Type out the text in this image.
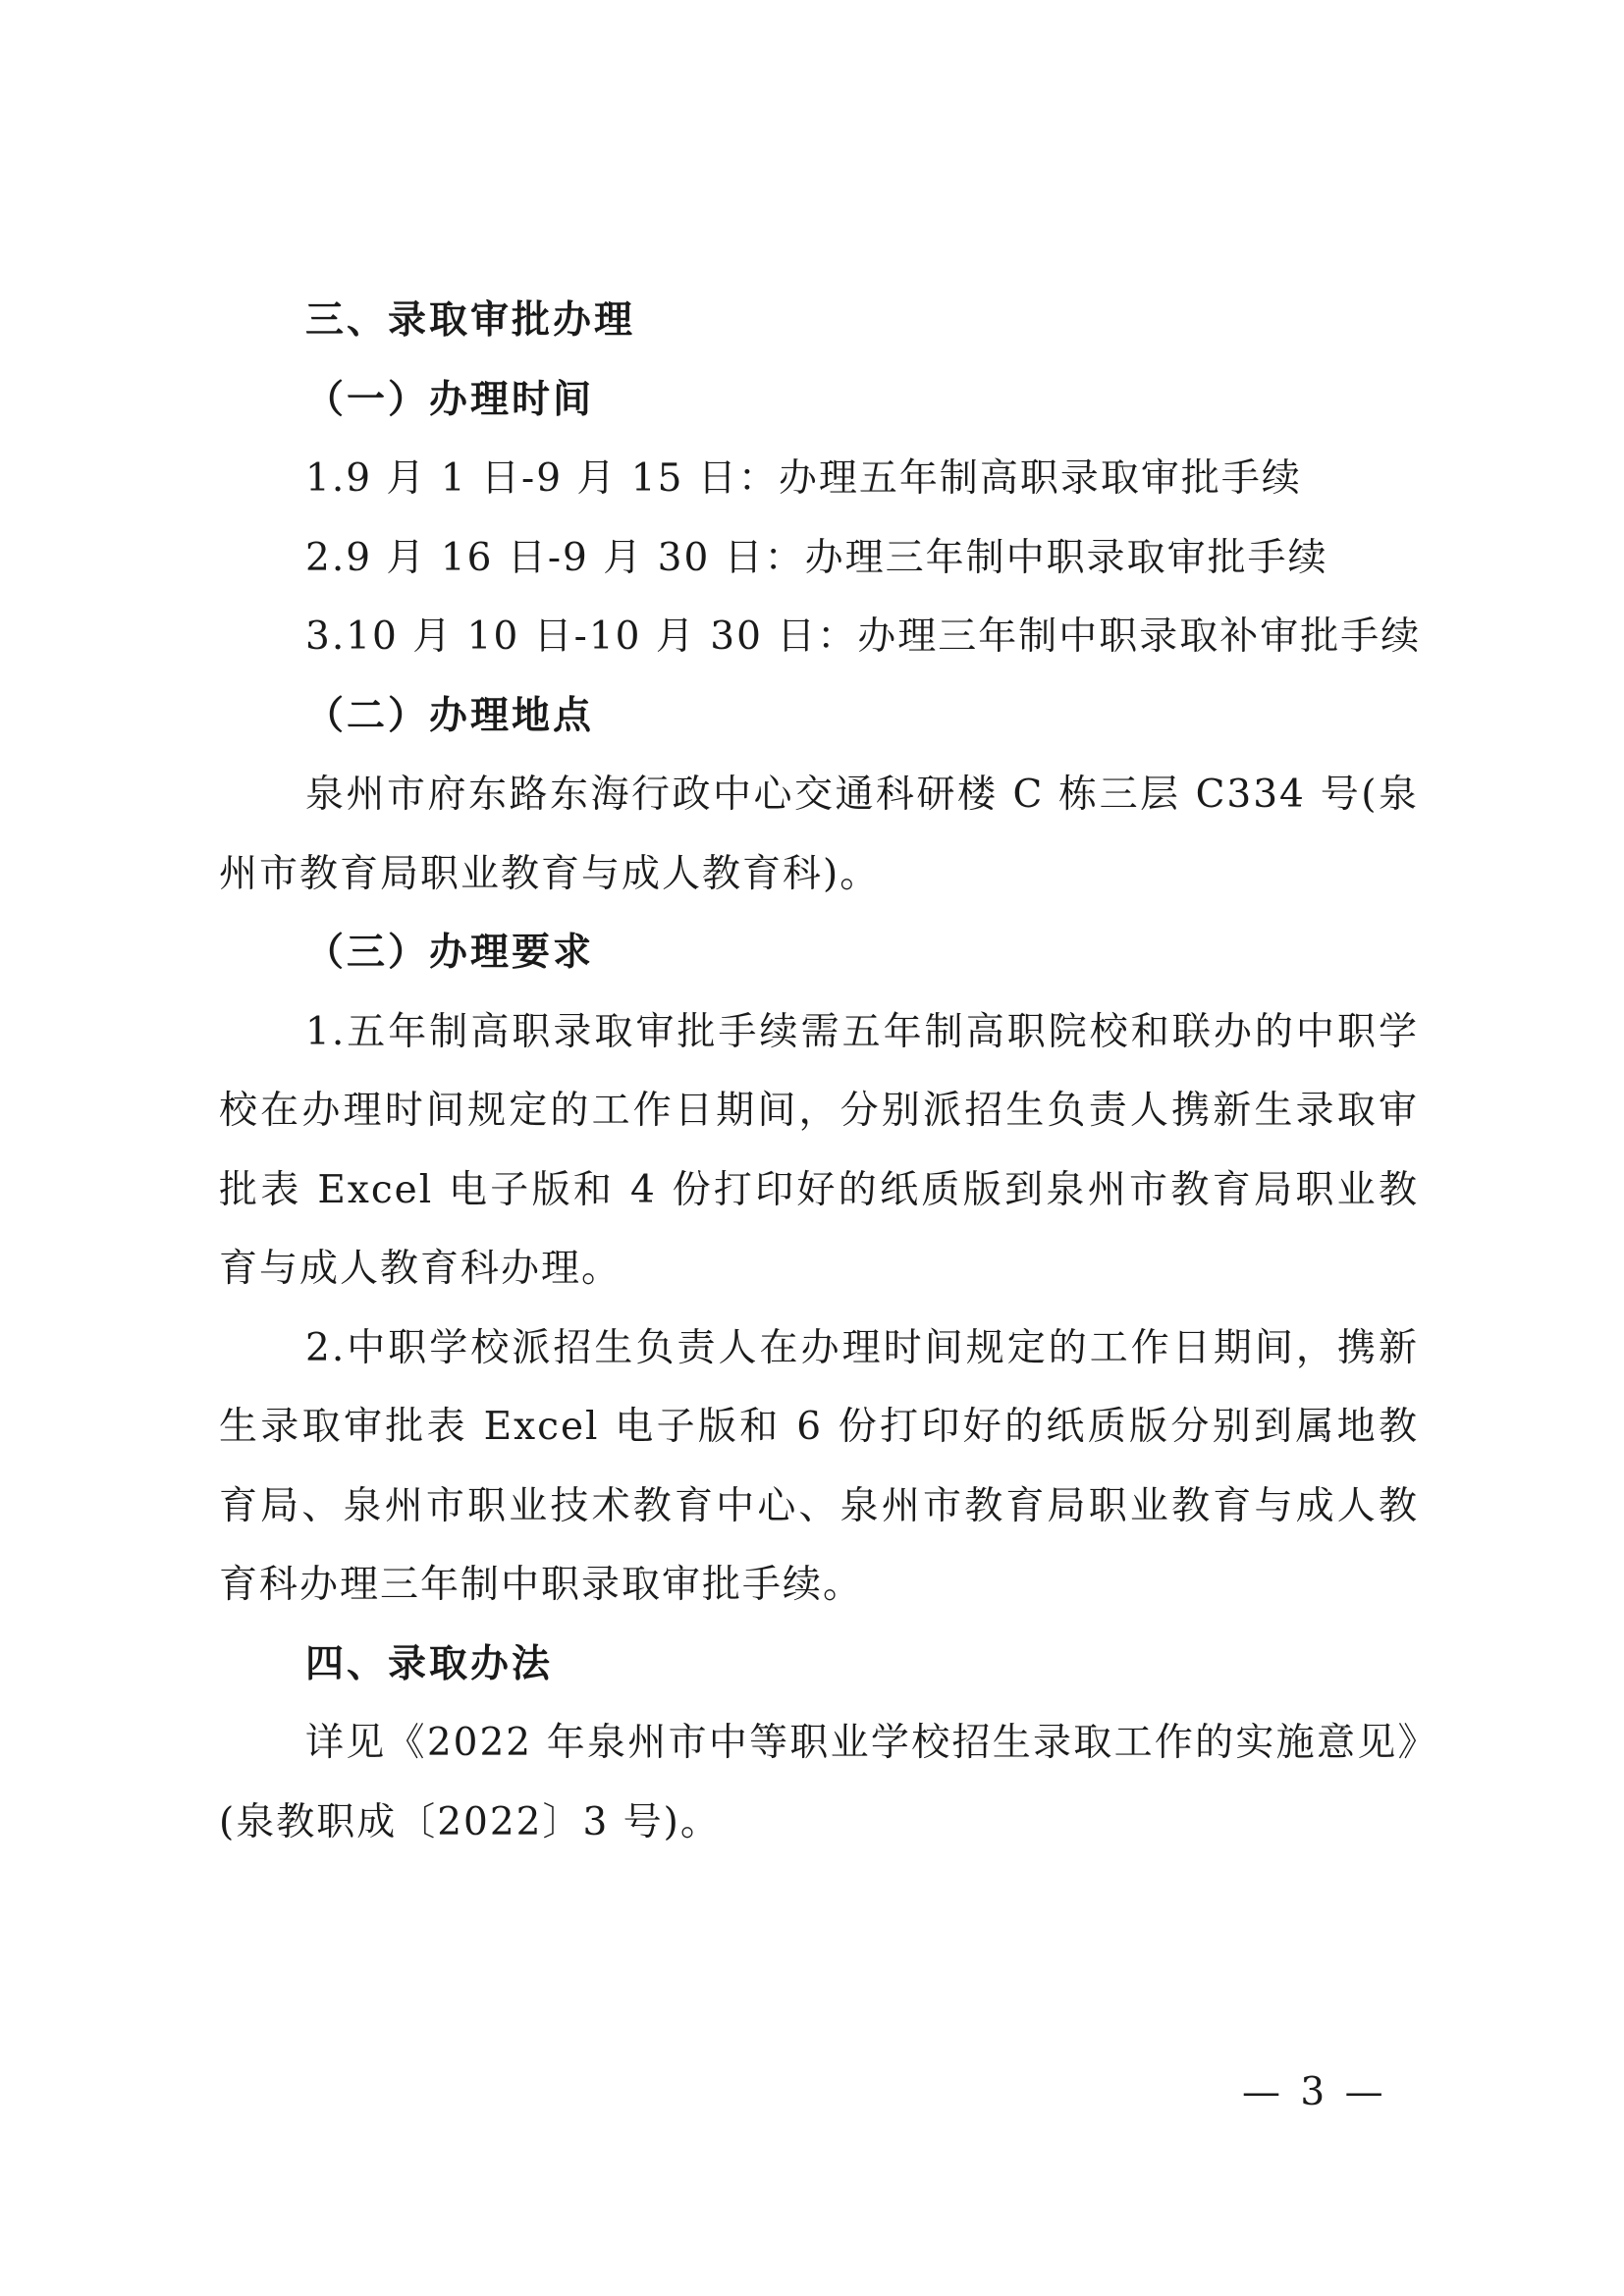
三、录取审批办理
（一）办理时间
1.9 月 1 日-9 月 15 日：办理五年制高职录取审批手续
2.9 月 16 日-9 月 30 日：办理三年制中职录取审批手续
3.10 月 10 日-10 月 30 日：办理三年制中职录取补审批手续
（二）办理地点
泉州市府东路东海行政中心交通科研楼 C 栋三层 C334 号(泉州市教育局职业教育与成人教育科)。
（三）办理要求
1.五年制高职录取审批手续需五年制高职院校和联办的中职学校在办理时间规定的工作日期间，分别派招生负责人携新生录取审批表 Excel 电子版和 4 份打印好的纸质版到泉州市教育局职业教育与成人教育科办理。
2.中职学校派招生负责人在办理时间规定的工作日期间，携新生录取审批表 Excel 电子版和 6 份打印好的纸质版分别到属地教育局、泉州市职业技术教育中心、泉州市教育局职业教育与成人教育科办理三年制中职录取审批手续。
四、录取办法
详见《2022 年泉州市中等职业学校招生录取工作的实施意见》(泉教职成〔2022〕3 号)。
— 3 —
